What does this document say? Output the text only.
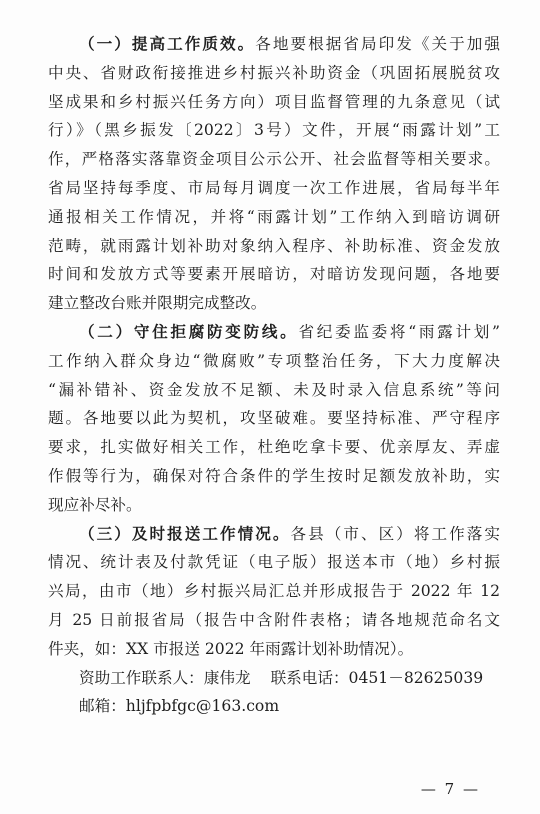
（一）提高工作质效。各地要根据省局印发《关于加强
中央、省财政衔接推进乡村振兴补助资金（巩固拓展脱贫攻
坚成果和乡村振兴任务方向）项目监督管理的九条意见（试
行）》（黑乡振发〔2022〕3号）文件，开展“雨露计划”工
作，严格落实落靠资金项目公示公开、社会监督等相关要求。
省局坚持每季度、市局每月调度一次工作进展，省局每半年
通报相关工作情况，并将“雨露计划”工作纳入到暗访调研
范畴，就雨露计划补助对象纳入程序、补助标准、资金发放
时间和发放方式等要素开展暗访，对暗访发现问题，各地要
建立整改台账并限期完成整改。
（二）守住拒腐防变防线。省纪委监委将“雨露计划”
工作纳入群众身边“微腐败”专项整治任务，下大力度解决
“漏补错补、资金发放不足额、未及时录入信息系统”等问
题。各地要以此为契机，攻坚破难。要坚持标准、严守程序
要求，扎实做好相关工作，杜绝吃拿卡要、优亲厚友、弄虚
作假等行为，确保对符合条件的学生按时足额发放补助，实
现应补尽补。
（三）及时报送工作情况。各县（市、区）将工作落实
情况、统计表及付款凭证（电子版）报送本市（地）乡村振
兴局，由市（地）乡村振兴局汇总并形成报告于 2022 年 12
月 25 日前报省局（报告中含附件表格；请各地规范命名文
件夹，如：XX 市报送 2022 年雨露计划补助情况）。
资助工作联系人：康伟龙 联系电话：0451－82625039
邮箱：hljfpbfgc@163.com
— 7 —
